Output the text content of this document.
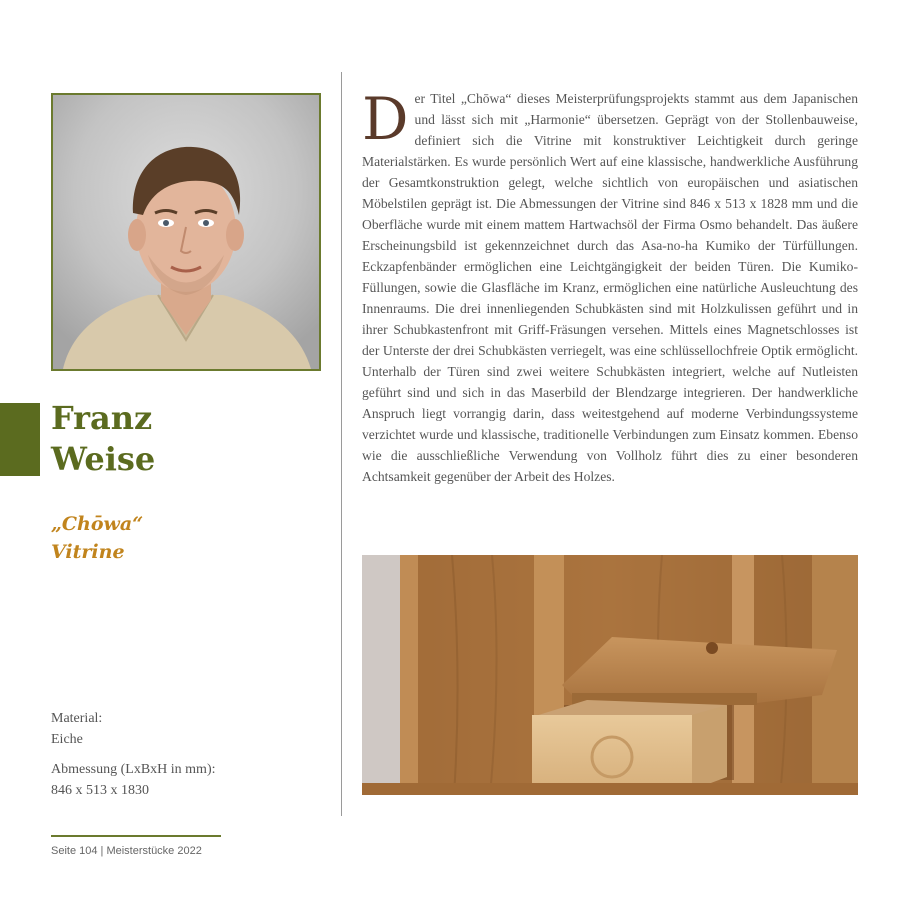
Franz
Weise
„Chōwa“
Vitrine
Material:
Eiche
Abmessung (LxBxH in mm):
846 x 513 x 1830

Der Titel „Chōwa“ dieses Meisterprüfungsprojekts stammt aus dem Japanischen und lässt sich mit „Harmonie“ übersetzen. Geprägt von der Stollenbauweise, definiert sich die Vitrine mit konstruktiver Leichtigkeit durch geringe Materialstärken. Es wurde persönlich Wert auf eine klassische, handwerkliche Ausführung der Gesamtkonstruktion gelegt, welche sichtlich von europäischen und asiatischen Möbelstilen geprägt ist. Die Abmessungen der Vitrine sind 846 x 513 x 1828 mm und die Oberfläche wurde mit einem mattem Hartwachsöl der Firma Osmo behandelt. Das äußere Erscheinungsbild ist gekennzeichnet durch das Asa-no-ha Kumiko der Türfüllungen. Eckzapfenbänder ermöglichen eine Leichtgängigkeit der beiden Türen. Die Kumiko-Füllungen, sowie die Glasfläche im Kranz, ermöglichen eine natürliche Ausleuchtung des Innenraums. Die drei innenliegenden Schubkästen sind mit Holzkulissen geführt und in ihrer Schubkastenfront mit Griff-Fräsungen versehen. Mittels eines Magnetschlosses ist der Unterste der drei Schubkästen verriegelt, was eine schlüssellochfreie Optik ermöglicht. Unterhalb der Türen sind zwei weitere Schubkästen integriert, welche auf Nutleisten geführt sind und sich in das Maserbild der Blendzarge integrieren. Der handwerkliche Anspruch liegt vorrangig darin, dass weitestgehend auf moderne Verbindungssysteme verzichtet wurde und klassische, traditionelle Verbindungen zum Einsatz kommen. Ebenso wie die ausschließliche Verwendung von Vollholz führt dies zu einer besonderen Achtsamkeit gegenüber der Arbeit des Holzes.

Seite 104 | Meisterstücke 2022
